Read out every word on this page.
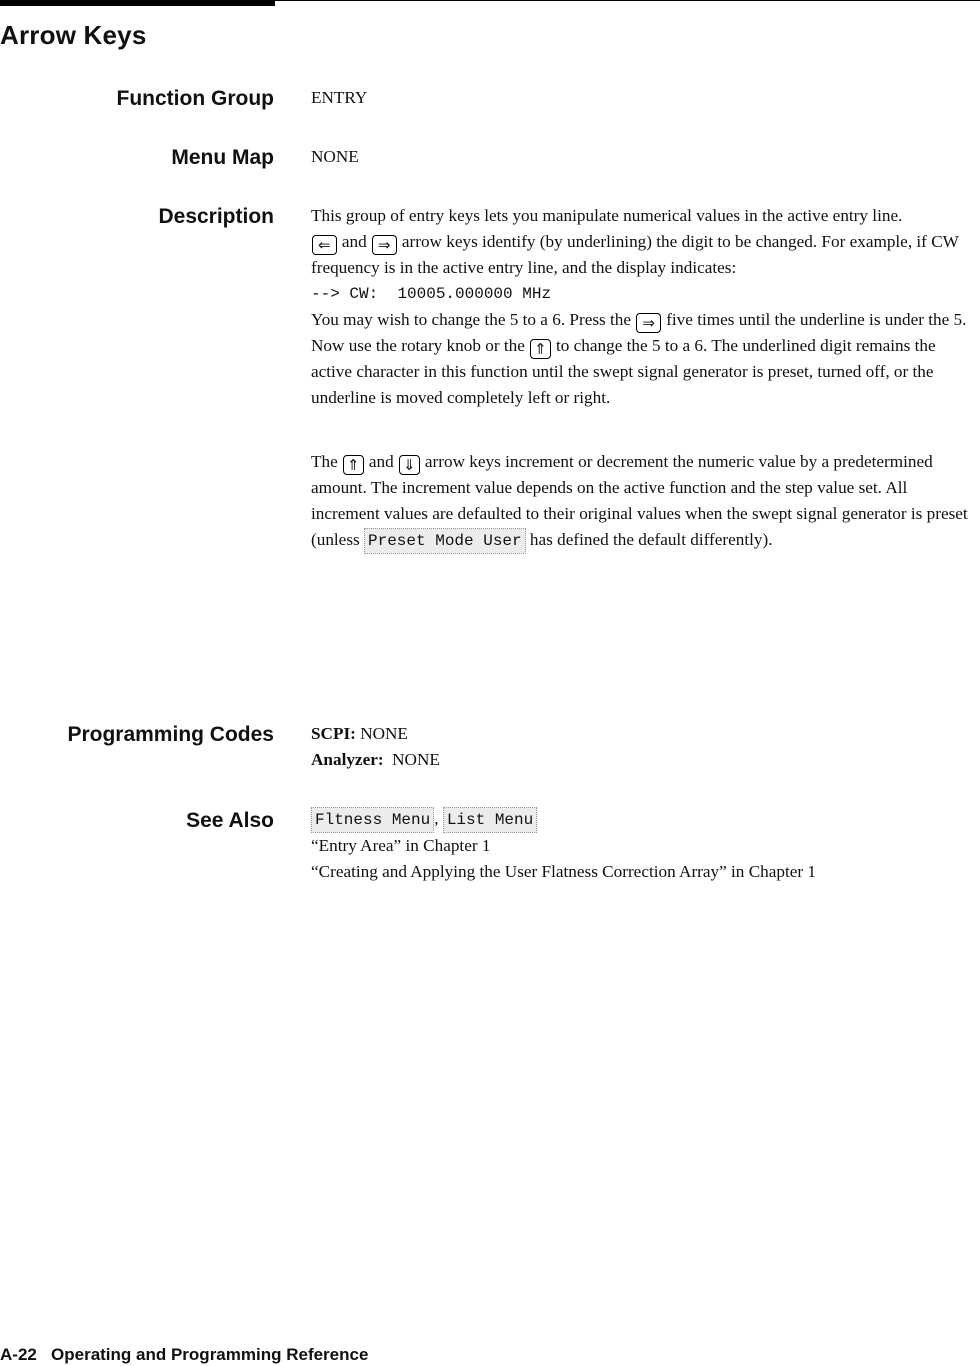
Arrow Keys
Function Group ENTRY

Menu Map NONE

Description This group of entry keys lets you manipulate numerical values in the active entry line.

⇐ and ⇒ arrow keys identify (by underlining) the digit to be changed. For example, if CW frequency is in the active entry line, and the display indicates:

--> CW:  10005.000000 MHz

You may wish to change the 5 to a 6. Press the ⇒ five times until the underline is under the 5. Now use the rotary knob or the ⇑ to change the 5 to a 6. The underlined digit remains the active character in this function until the swept signal generator is preset, turned off, or the underline is moved completely left or right.

The ⇑ and ⇓ arrow keys increment or decrement the numeric value by a predetermined amount. The increment value depends on the active function and the step value set. All increment values are defaulted to their original values when the swept signal generator is preset (unless Preset Mode User has defined the default differently).

Programming Codes SCPI: NONE

Analyzer:  NONE

See Also	Fltness Menu , List Menu

“Entry Area” in Chapter 1

“Creating and Applying the User Flatness Correction Array” in Chapter 1

A-22   Operating and Programming Reference
